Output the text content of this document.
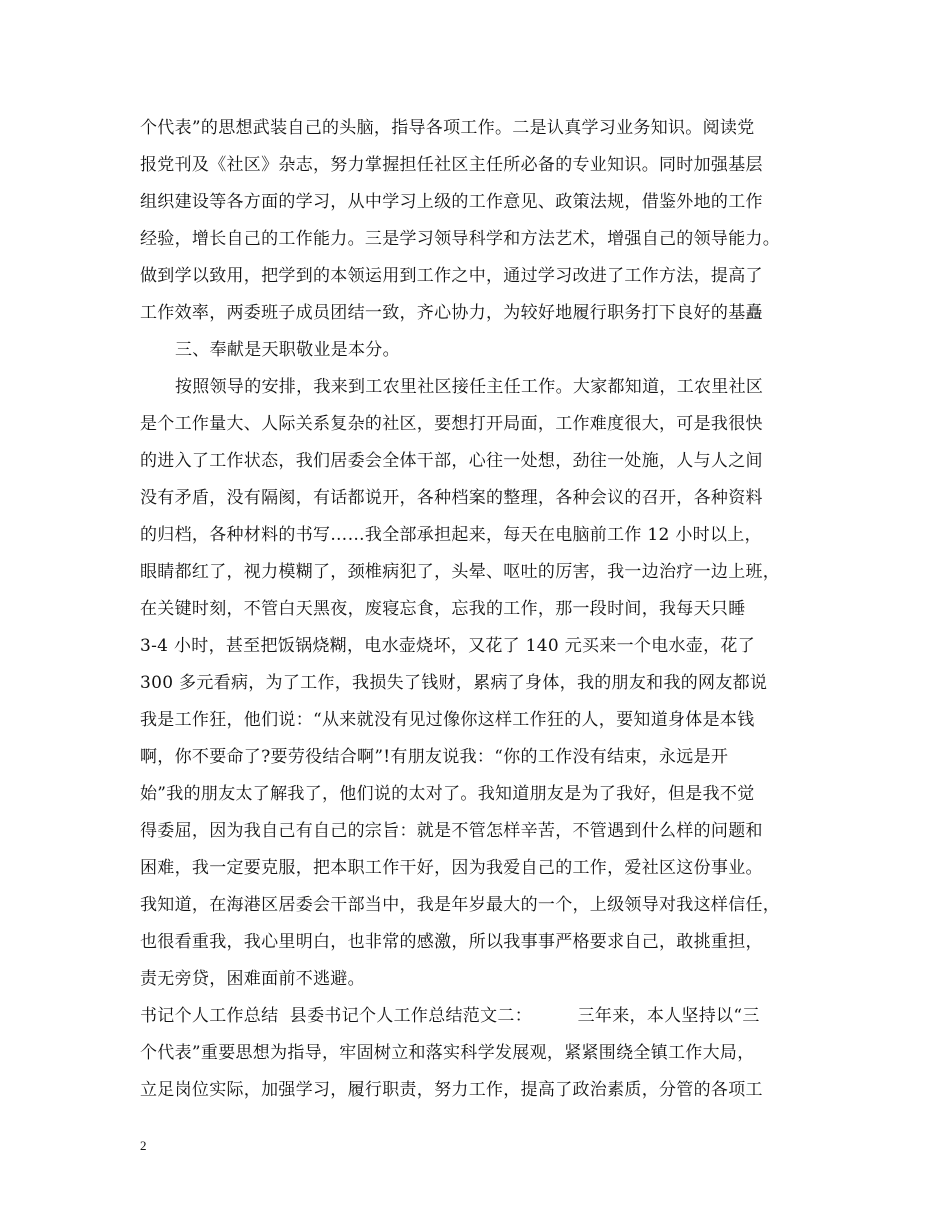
个代表”的思想武装自己的头脑，指导各项工作。二是认真学习业务知识。阅读党
报党刊及《社区》杂志，努力掌握担任社区主任所必备的专业知识。同时加强基层
组织建设等各方面的学习，从中学习上级的工作意见、政策法规，借鉴外地的工作
经验，增长自己的工作能力。三是学习领导科学和方法艺术，增强自己的领导能力。
做到学以致用，把学到的本领运用到工作之中，通过学习改进了工作方法，提高了
工作效率，两委班子成员团结一致，齐心协力，为较好地履行职务打下良好的基矗
三、奉献是天职敬业是本分。
按照领导的安排，我来到工农里社区接任主任工作。大家都知道，工农里社区
是个工作量大、人际关系复杂的社区，要想打开局面，工作难度很大，可是我很快
的进入了工作状态，我们居委会全体干部，心往一处想，劲往一处施，人与人之间
没有矛盾，没有隔阂，有话都说开，各种档案的整理，各种会议的召开，各种资料
的归档，各种材料的书写……我全部承担起来，每天在电脑前工作 12 小时以上，
眼睛都红了，视力模糊了，颈椎病犯了，头晕、呕吐的厉害，我一边治疗一边上班，
在关键时刻，不管白天黑夜，废寝忘食，忘我的工作，那一段时间，我每天只睡
3-4 小时，甚至把饭锅烧糊，电水壶烧坏，又花了 140 元买来一个电水壶，花了
300 多元看病，为了工作，我损失了钱财，累病了身体，我的朋友和我的网友都说
我是工作狂，他们说：“从来就没有见过像你这样工作狂的人，要知道身体是本钱
啊，你不要命了?要劳役结合啊”!有朋友说我：“你的工作没有结束，永远是开
始”我的朋友太了解我了，他们说的太对了。我知道朋友是为了我好，但是我不觉
得委屈，因为我自己有自己的宗旨：就是不管怎样辛苦，不管遇到什么样的问题和
困难，我一定要克服，把本职工作干好，因为我爱自己的工作，爱社区这份事业。
我知道，在海港区居委会干部当中，我是年岁最大的一个，上级领导对我这样信任，
也很看重我，我心里明白，也非常的感激，所以我事事严格要求自己，敢挑重担，
责无旁贷，困难面前不逃避。
书记个人工作总结  县委书记个人工作总结范文二：        三年来，本人坚持以“三
个代表”重要思想为指导，牢固树立和落实科学发展观，紧紧围绕全镇工作大局，
立足岗位实际，加强学习，履行职责，努力工作，提高了政治素质，分管的各项工
2
